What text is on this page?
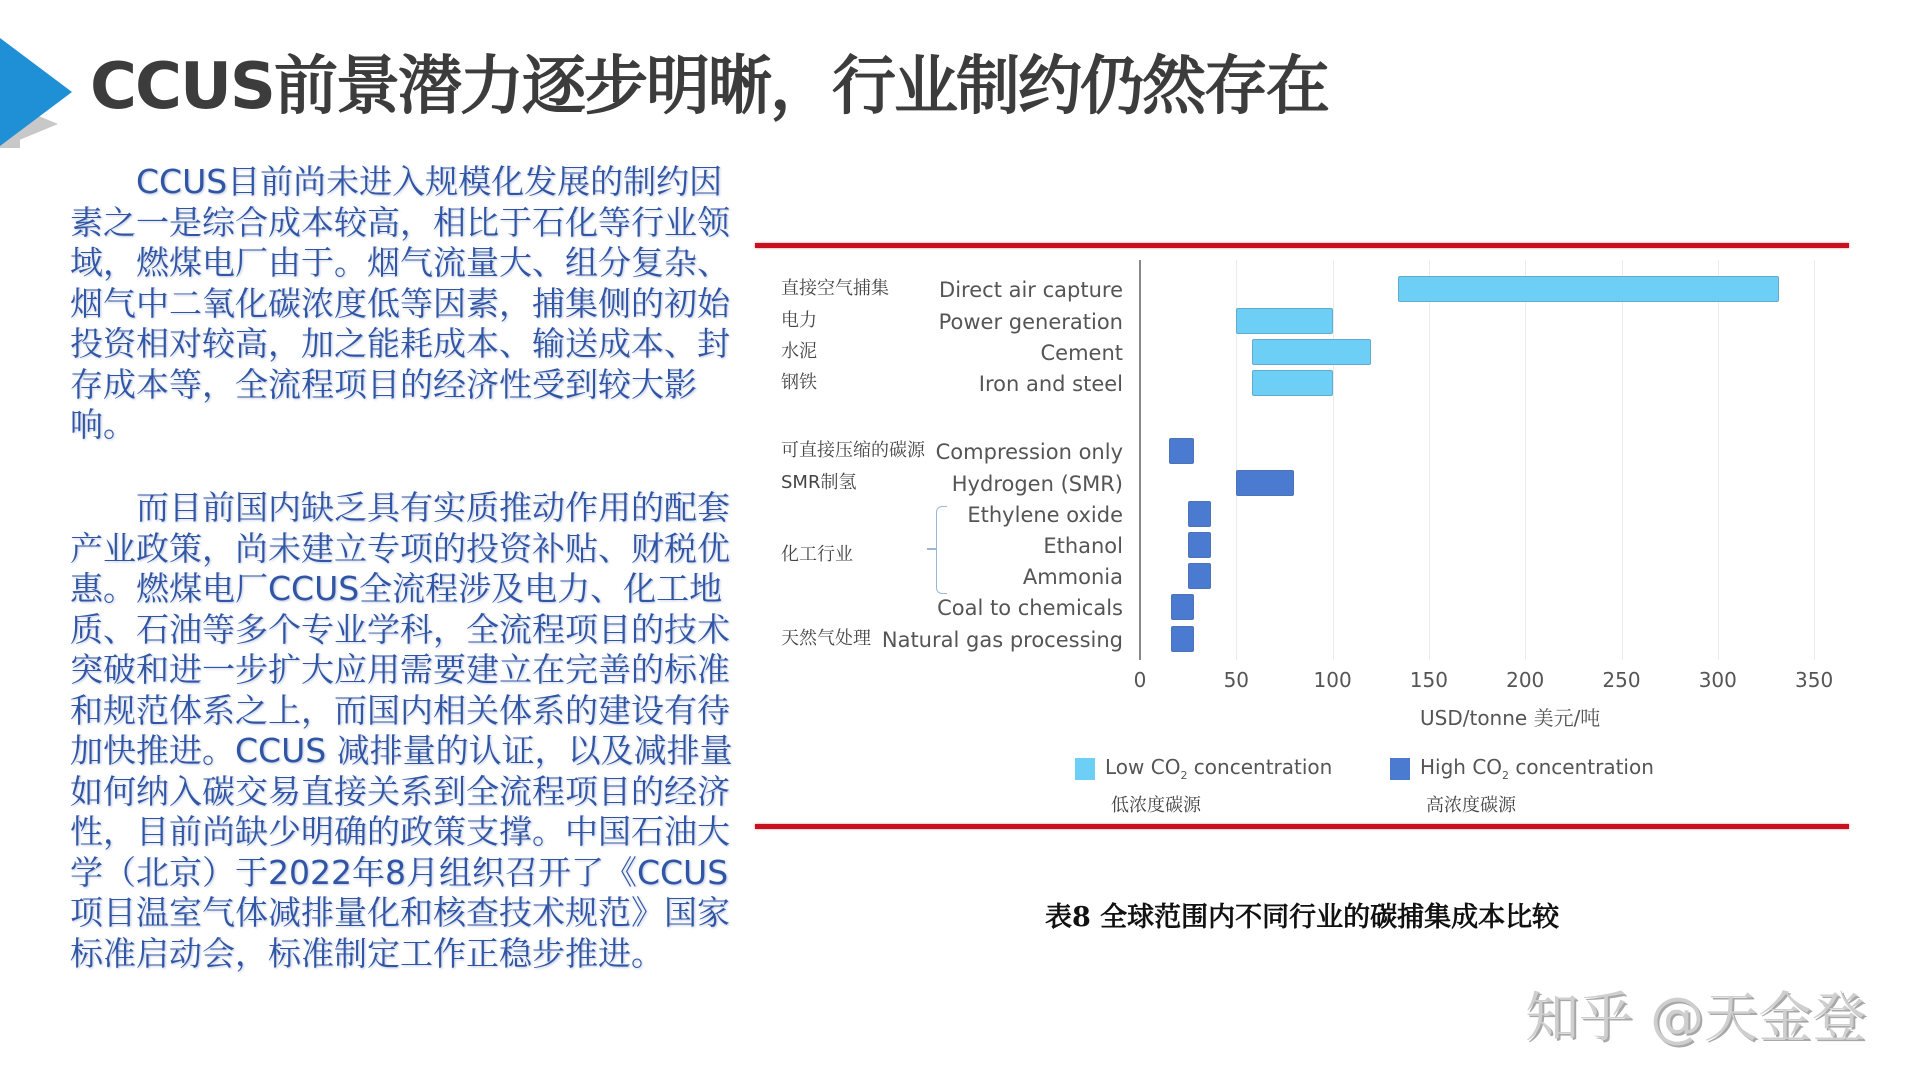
CCUS前景潜力逐步明晰，行业制约仍然存在
CCUS目前尚未进入规模化发展的制约因素之一是综合成本较高，相比于石化等行业领域，燃煤电厂由于。烟气流量大、组分复杂、烟气中二氧化碳浓度低等因素，捕集侧的初始投资相对较高，加之能耗成本、输送成本、封存成本等，全流程项目的经济性受到较大影响。
而目前国内缺乏具有实质推动作用的配套产业政策，尚未建立专项的投资补贴、财税优惠。燃煤电厂CCUS全流程涉及电力、化工地质、石油等多个专业学科，全流程项目的技术突破和进一步扩大应用需要建立在完善的标准和规范体系之上，而国内相关体系的建设有待加快推进。CCUS 减排量的认证，以及减排量如何纳入碳交易直接关系到全流程项目的经济性，目前尚缺少明确的政策支撑。中国石油大学（北京）于2022年8月组织召开了《CCUS项目温室气体减排量化和核查技术规范》国家标准启动会，标准制定工作正稳步推进。
化工行业
USD/tonne 美元/吨
Low $CO_2$ concentration
低浓度碳源
High $CO_2$ concentration
高浓度碳源
0	50	100	150	200	250	300	350
Direct air capture
直接空气捕集
Power generation
电力
Cement
水泥
Iron and steel
钢铁
Compression only
可直接压缩的碳源
Hydrogen (SMR)
SMR制氢
Ethylene oxide
Ethanol
Ammonia
Coal to chemicals
Natural gas processing
天然气处理
表8 全球范围内不同行业的碳捕集成本比较
知乎 @天金登
